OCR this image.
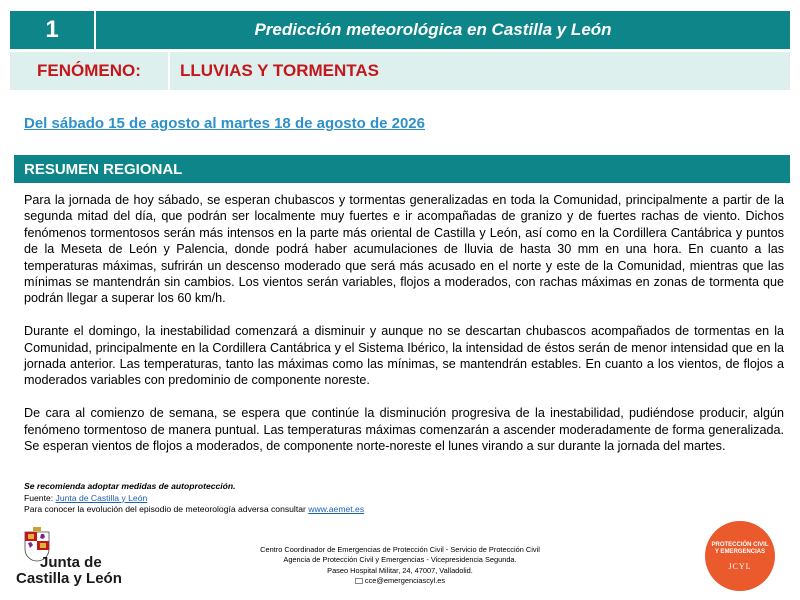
1	Predicción meteorológica en Castilla y León
FENÓMENO:	LLUVIAS Y TORMENTAS
Del sábado 15 de agosto al martes 18 de agosto de 2026
RESUMEN REGIONAL

Para la jornada de hoy sábado, se esperan chubascos y tormentas generalizadas en toda la Comunidad, principalmente a partir de la segunda mitad del día, que podrán ser localmente muy fuertes e ir acompañadas de granizo y de fuertes rachas de viento. Dichos fenómenos tormentosos serán más intensos en la parte más oriental de Castilla y León, así como en la Cordillera Cantábrica y puntos de la Meseta de León y Palencia, donde podrá haber acumulaciones de lluvia de hasta 30 mm en una hora. En cuanto a las temperaturas máximas, sufrirán un descenso moderado que será más acusado en el norte y este de la Comunidad, mientras que las mínimas se mantendrán sin cambios. Los vientos serán variables, flojos a moderados, con rachas máximas en zonas de tormenta que podrán llegar a superar los 60 km/h.

Durante el domingo, la inestabilidad comenzará a disminuir y aunque no se descartan chubascos acompañados de tormentas en la Comunidad, principalmente en la Cordillera Cantábrica y el Sistema Ibérico, la intensidad de éstos serán de menor intensidad que en la jornada anterior. Las temperaturas, tanto las máximas como las mínimas, se mantendrán estables. En cuanto a los vientos, de flojos a moderados variables con predominio de componente noreste.

De cara al comienzo de semana, se espera que continúe la disminución progresiva de la inestabilidad, pudiéndose producir, algún fenómeno tormentoso de manera puntual. Las temperaturas máximas comenzarán a ascender moderadamente de forma generalizada. Se esperan vientos de flojos a moderados, de componente norte-noreste el lunes virando a sur durante la jornada del martes.

Se recomienda adoptar medidas de autoprotección.
Fuente: Junta de Castilla y León
Para conocer la evolución del episodio de meteorología adversa consultar www.aemet.es
Junta de
Castilla y León
Centro Coordinador de Emergencias de Protección Civil - Servicio de Protección Civil
Agencia de Protección Civil y Emergencias - Vicepresidencia Segunda.
Paseo Hospital Militar, 24, 47007, Valladolid.
cce@emergenciascyl.es
PROTECCIÓN CIVIL
Y EMERGENCIAS
JCYL
